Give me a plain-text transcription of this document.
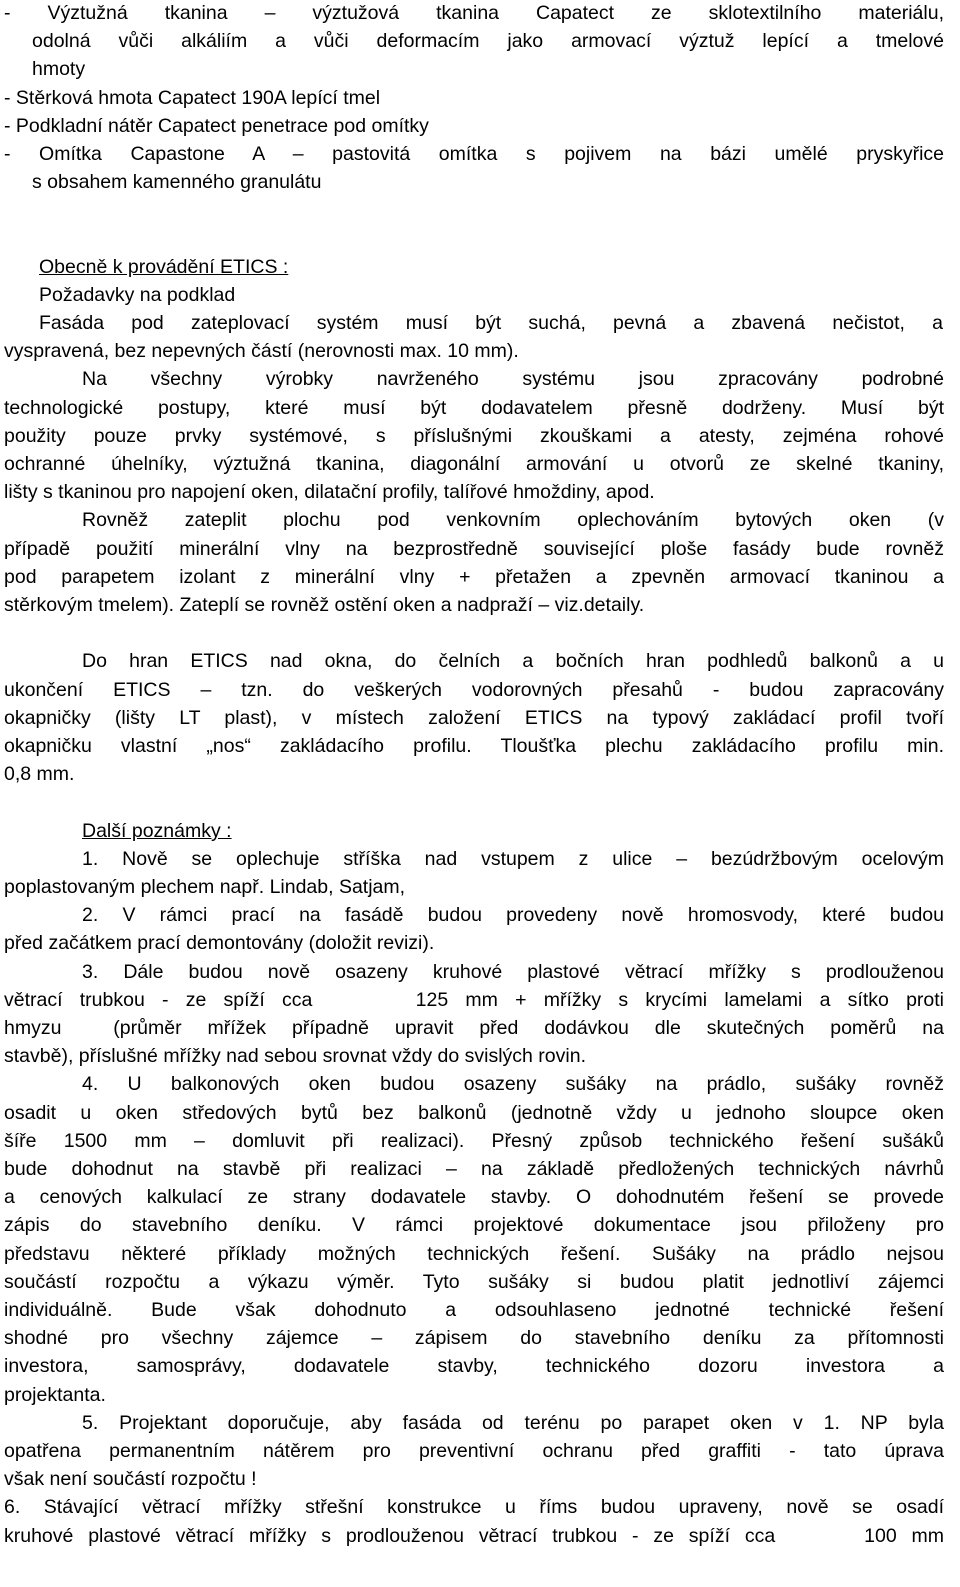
- Výztužná tkanina – výztužová tkanina Capatect ze sklotextilního materiálu,
odolná vůči alkáliím a vůči deformacím jako armovací výztuž lepící a tmelové
hmoty
- Stěrková hmota Capatect 190A lepící tmel
- Podkladní nátěr Capatect penetrace pod omítky
- Omítka Capastone A – pastovitá omítka s pojivem na bázi umělé pryskyřice
s obsahem kamenného granulátu
Obecně k provádění ETICS :
Požadavky na podklad
Fasáda pod zateplovací systém musí být suchá, pevná a zbavená nečistot, a
vyspravená, bez nepevných částí (nerovnosti max. 10 mm).
Na všechny výrobky navrženého systému jsou zpracovány podrobné
technologické postupy, které musí být dodavatelem přesně dodrženy. Musí být
použity pouze prvky systémové, s příslušnými zkouškami a atesty, zejména rohové
ochranné úhelníky, výztužná tkanina, diagonální armování u otvorů ze skelné tkaniny,
lišty s tkaninou pro napojení oken, dilatační profily, talířové hmoždiny, apod.
Rovněž zateplit plochu pod venkovním oplechováním bytových oken (v
případě použití minerální vlny na bezprostředně související ploše fasády bude rovněž
pod parapetem izolant z minerální vlny + přetažen a zpevněn armovací tkaninou a
stěrkovým tmelem). Zateplí se rovněž ostění oken a nadpraží – viz.detaily.
Do hran ETICS nad okna, do čelních a bočních hran podhledů balkonů a u
ukončení ETICS – tzn. do veškerých vodorovných přesahů - budou zapracovány
okapničky (lišty LT plast), v místech založení ETICS na typový zakládací profil tvoří
okapničku vlastní „nos“ zakládacího profilu. Tloušťka plechu zakládacího profilu min.
0,8 mm.
Další poznámky :
1. Nově se oplechuje stříška nad vstupem z ulice – bezúdržbovým ocelovým
poplastovaným plechem např. Lindab, Satjam,
2. V rámci prací na fasádě budou provedeny nově hromosvody, které budou
před začátkem prací demontovány (doložit revizi).
3. Dále budou nově osazeny kruhové plastové větrací mřížky s prodlouženou
větrací trubkou - ze spíží cca      125 mm + mřížky s krycími lamelami a sítko proti
hmyzu  (průměr mřížek případně upravit před dodávkou dle skutečných poměrů na
stavbě), příslušné mřížky nad sebou srovnat vždy do svislých rovin.
4. U balkonových oken budou osazeny sušáky na prádlo, sušáky rovněž
osadit u oken středových bytů bez balkonů (jednotně vždy u jednoho sloupce oken
šíře 1500 mm – domluvit při realizaci). Přesný způsob technického řešení sušáků
bude dohodnut na stavbě při realizaci – na základě předložených technických návrhů
a cenových kalkulací ze strany dodavatele stavby. O dohodnutém řešení se provede
zápis do stavebního deníku. V rámci projektové dokumentace jsou přiloženy pro
představu některé příklady možných technických řešení. Sušáky na prádlo nejsou
součástí rozpočtu a výkazu výměr. Tyto sušáky si budou platit jednotliví zájemci
individuálně. Bude však dohodnuto a odsouhlaseno jednotné technické řešení
shodné pro všechny zájemce – zápisem do stavebního deníku za přítomnosti
investora, samosprávy, dodavatele stavby, technického dozoru investora a
projektanta.
5. Projektant doporučuje, aby fasáda od terénu po parapet oken v 1. NP byla
opatřena permanentním nátěrem pro preventivní ochranu před graffiti - tato úprava
však není součástí rozpočtu !
6. Stávající větrací mřížky střešní konstrukce u říms budou upraveny, nově se osadí
kruhové plastové větrací mřížky s prodlouženou větrací trubkou - ze spíží cca      100 mm
